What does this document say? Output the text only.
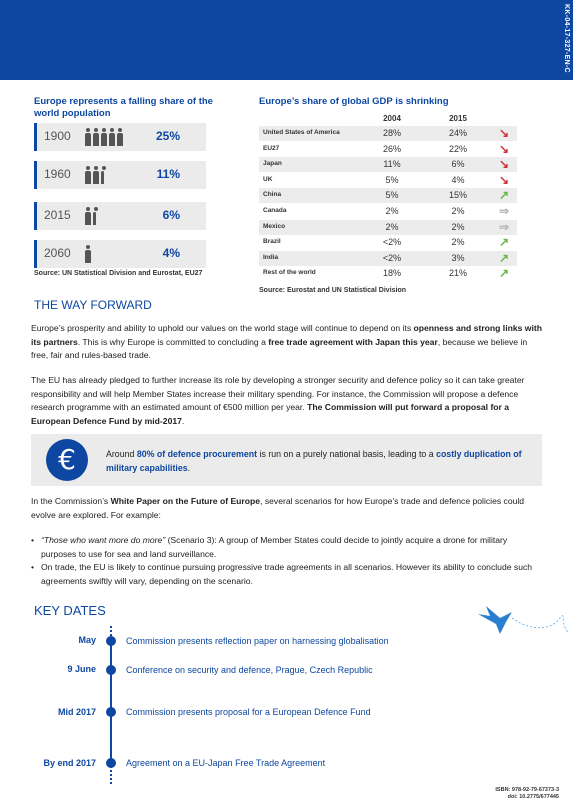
KK-04-17-327-EN-C
Europe represents a falling share of the world population
1900	25%
1960	11%
2015	6%
2060	4%
Source: UN Statistical Division and Eurostat, EU27
Europe’s share of global GDP is shrinking
2004	2015
United States of America	28%	24%	↘
EU27	26%	22%	↘
Japan	11%	6%	↘
UK	5%	4%	↘
China	5%	15%	↗
Canada	2%	2%	⇒
Mexico	2%	2%	⇒
Brazil	<2%	2%	↗
India	<2%	3%	↗
Rest of the world	18%	21%	↗
Source: Eurostat and UN Statistical Division
THE WAY FORWARD

Europe’s prosperity and ability to uphold our values on the world stage will continue to depend on its openness and strong links with its partners. This is why Europe is committed to concluding a free trade agreement with Japan this year, because we believe in free, fair and rules-based trade.

The EU has already pledged to further increase its role by developing a stronger security and defence policy so it can take greater responsibility and will help Member States increase their military spending. For instance, the Commission will propose a defence research programme with an estimated amount of €500 million per year. The Commission will put forward a proposal for a European Defence Fund by mid-2017.

€	Around 80% of defence procurement is run on a purely national basis, leading to a costly duplication of military capabilities.

In the Commission’s White Paper on the Future of Europe, several scenarios for how Europe’s trade and defence policies could evolve are explored. For example:

• “Those who want more do more” (Scenario 3): A group of Member States could decide to jointly acquire a drone for military purposes to use for sea and land surveillance.

• On trade, the EU is likely to continue pursuing progressive trade agreements in all scenarios. However its ability to conclude such agreements swiftly will vary, depending on the scenario.

KEY DATES
May	Commission presents reflection paper on harnessing globalisation
9 June	Conference on security and defence, Prague, Czech Republic
Mid 2017	Commission presents proposal for a European Defence Fund
By end 2017	Agreement on a EU-Japan Free Trade Agreement
ISBN: 978-92-79-67373-3
doi: 10.2775/677445
